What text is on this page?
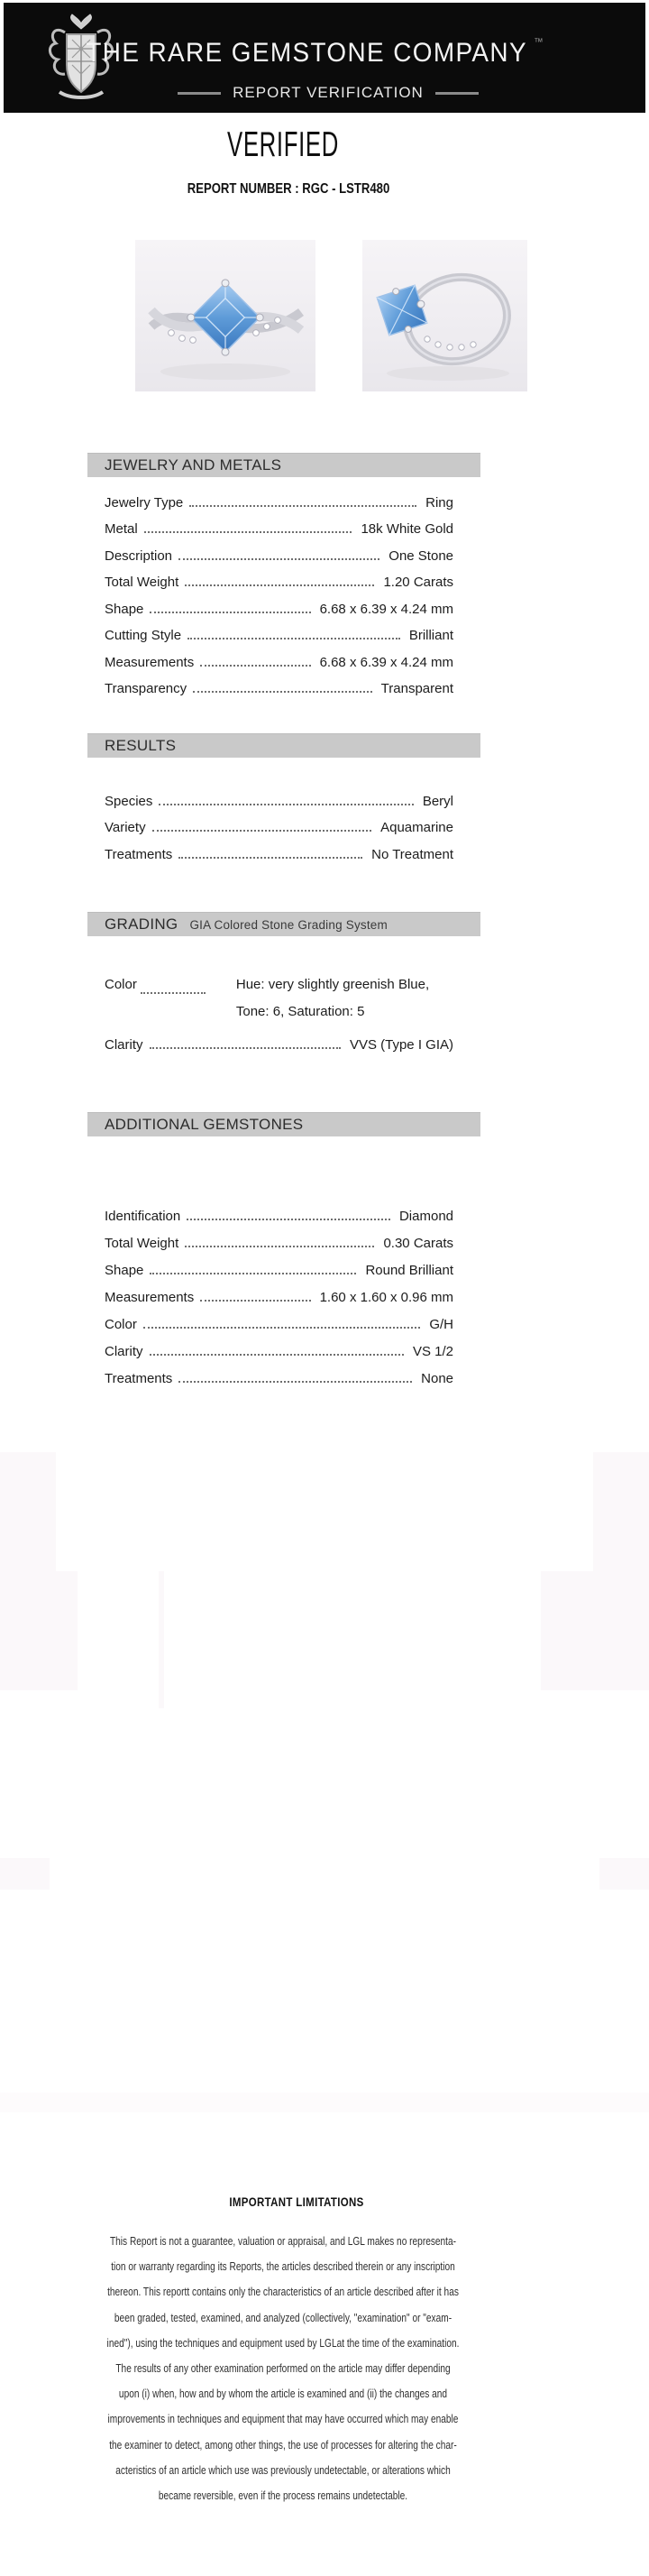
THE RARE GEMSTONE COMPANY ™
REPORT VERIFICATION
VERIFIED
REPORT NUMBER : RGC - LSTR480
JEWELRY AND METALS
Jewelry Type	Ring
Metal	18k White Gold
Description	One Stone
Total Weight	1.20 Carats
Shape	6.68 x 6.39 x 4.24 mm
Cutting Style	Brilliant
Measurements	6.68 x 6.39 x 4.24 mm
Transparency	Transparent
RESULTS
Species	Beryl
Variety	Aquamarine
Treatments	No Treatment
GRADING GIA Colored Stone Grading System
Color	Hue: very slightly greenish Blue,
Tone: 6, Saturation: 5
Clarity	VVS (Type I GIA)
ADDITIONAL GEMSTONES
Identification	Diamond
Total Weight	0.30 Carats
Shape	Round Brilliant
Measurements	1.60 x 1.60 x 0.96 mm
Color	G/H
Clarity	VS 1/2
Treatments	None
IMPORTANT LIMITATIONS
This Report is not a guarantee, valuation or appraisal, and LGL makes no representa-
tion or warranty regarding its Reports, the articles described therein or any inscription
thereon. This reportt contains only the characteristics of an article described after it has
been graded, tested, examined, and analyzed (collectively, "examination" or "exam-
ined"), using the techniques and equipment used by LGLat the time of the examination.
The results of any other examination performed on the article may differ depending
upon (i) when, how and by whom the article is examined and (ii) the changes and
improvements in techniques and equipment that may have occurred which may enable
the examiner to detect, among other things, the use of processes for altering the char-
acteristics of an article which use was previously undetectable, or alterations which
became reversible, even if the process remains undetectable.
